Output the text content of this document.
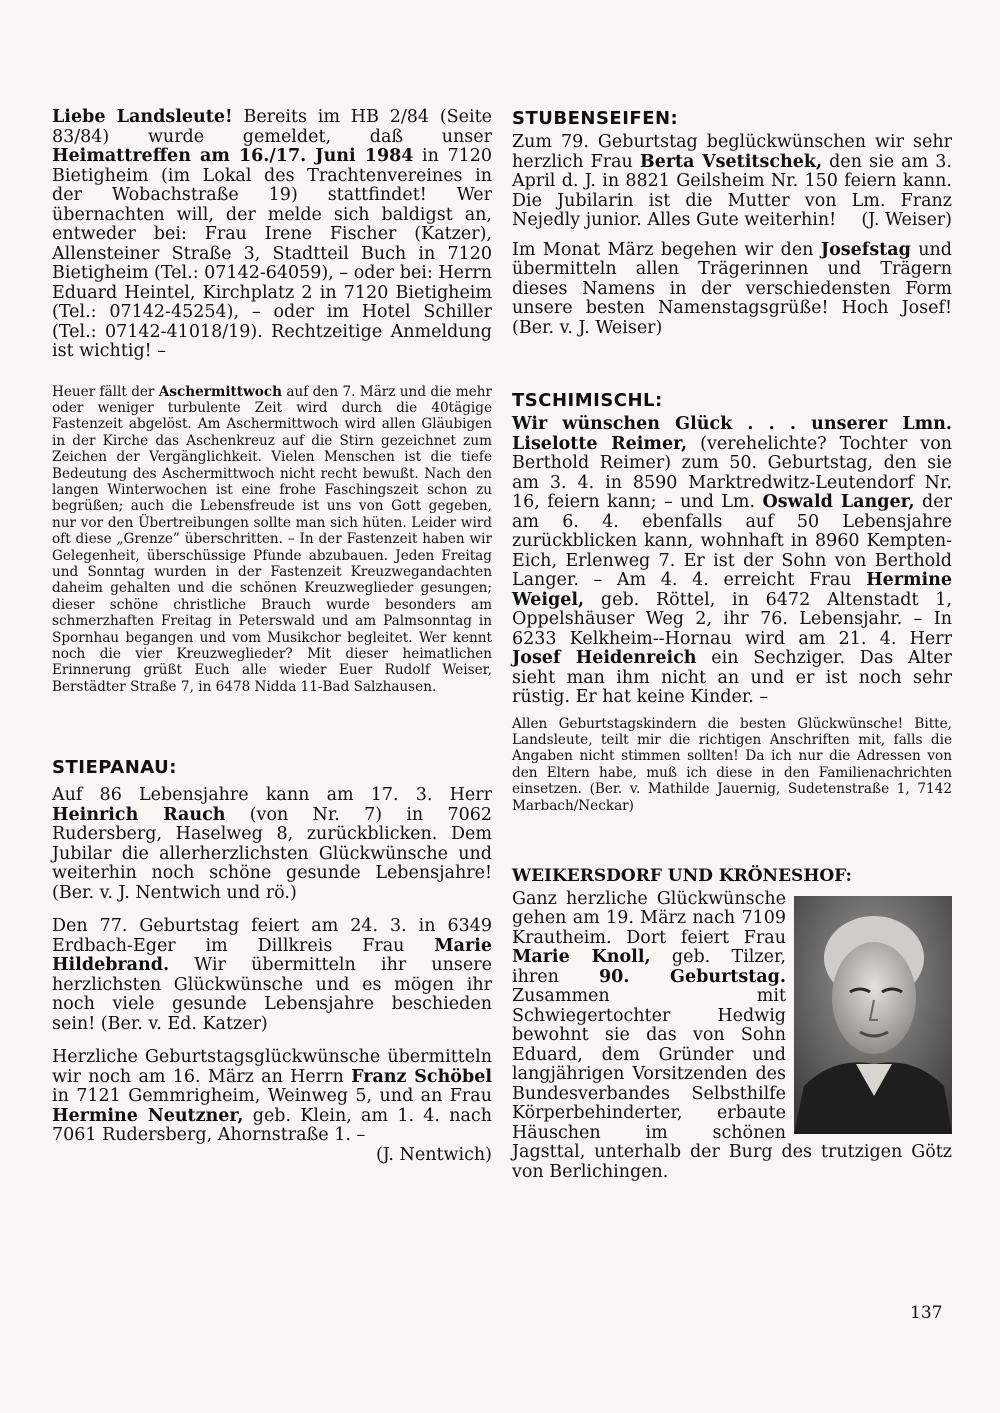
Liebe Landsleute! Bereits im HB 2/84 (Seite 83/84) wurde gemeldet, daß unser Heimattreffen am 16./17. Juni 1984 in 7120 Bietigheim (im Lokal des Trachtenvereines in der Wobachstraße 19) stattfindet! Wer übernachten will, der melde sich baldigst an, entweder bei: Frau Irene Fischer (Katzer), Allensteiner Straße 3, Stadtteil Buch in 7120 Bietigheim (Tel.: 07142-64059), – oder bei: Herrn Eduard Heintel, Kirchplatz 2 in 7120 Bietigheim (Tel.: 07142-45254), – oder im Hotel Schiller (Tel.: 07142-41018/19). Rechtzeitige Anmeldung ist wichtig! –

Heuer fällt der Aschermittwoch auf den 7. März und die mehr oder weniger turbulente Zeit wird durch die 40tägige Fastenzeit abgelöst. Am Aschermittwoch wird allen Gläubigen in der Kirche das Aschenkreuz auf die Stirn gezeichnet zum Zeichen der Vergänglichkeit. Vielen Menschen ist die tiefe Bedeutung des Aschermittwoch nicht recht bewußt. Nach den langen Winterwochen ist eine frohe Faschingszeit schon zu begrüßen; auch die Lebensfreude ist uns von Gott gegeben, nur vor den Übertreibungen sollte man sich hüten. Leider wird oft diese „Grenze” überschritten. – In der Fastenzeit haben wir Gelegenheit, überschüssige Pfunde abzubauen. Jeden Freitag und Sonntag wurden in der Fastenzeit Kreuzwegandachten daheim gehalten und die schönen Kreuzweglieder gesungen; dieser schöne christliche Brauch wurde besonders am schmerzhaften Freitag in Peterswald und am Palmsonntag in Spornhau begangen und vom Musikchor begleitet. Wer kennt noch die vier Kreuzweglieder? Mit dieser heimatlichen Erinnerung grüßt Euch alle wieder Euer Rudolf Weiser, Berstädter Straße 7, in 6478 Nidda 11-Bad Salzhausen.

STIEPANAU:

Auf 86 Lebensjahre kann am 17. 3. Herr Heinrich Rauch (von Nr. 7) in 7062 Rudersberg, Haselweg 8, zurückblicken. Dem Jubilar die allerherzlichsten Glückwünsche und weiterhin noch schöne gesunde Lebensjahre! (Ber. v. J. Nentwich und rö.)

Den 77. Geburtstag feiert am 24. 3. in 6349 Erdbach-Eger im Dillkreis Frau Marie Hildebrand. Wir übermitteln ihr unsere herzlichsten Glückwünsche und es mögen ihr noch viele gesunde Lebensjahre beschieden sein! (Ber. v. Ed. Katzer)

Herzliche Geburtstagsglückwünsche übermitteln wir noch am 16. März an Herrn Franz Schöbel in 7121 Gemmrigheim, Weinweg 5, und an Frau Hermine Neutzner, geb. Klein, am 1. 4. nach 7061 Rudersberg, Ahornstraße 1. –
(J. Nentwich)

STUBENSEIFEN:

Zum 79. Geburtstag beglückwünschen wir sehr herzlich Frau Berta Vsetitschek, den sie am 3. April d. J. in 8821 Geilsheim Nr. 150 feiern kann. Die Jubilarin ist die Mutter von Lm. Franz Nejedly junior. Alles Gute weiterhin!	(J. Weiser)

Im Monat März begehen wir den Josefstag und übermitteln allen Trägerinnen und Trägern dieses Namens in der verschiedensten Form unsere besten Namenstagsgrüße! Hoch Josef! (Ber. v. J. Weiser)

TSCHIMISCHL:

Wir wünschen Glück . . . unserer Lmn. Liselotte Reimer, (verehelichte? Tochter von Berthold Reimer) zum 50. Geburtstag, den sie am 3. 4. in 8590 Marktredwitz-Leutendorf Nr. 16, feiern kann; – und Lm. Oswald Langer, der am 6. 4. ebenfalls auf 50 Lebensjahre zurückblicken kann, wohnhaft in 8960 Kempten-Eich, Erlenweg 7. Er ist der Sohn von Berthold Langer. – Am 4. 4. erreicht Frau Hermine Weigel, geb. Röttel, in 6472 Altenstadt 1, Oppelshäuser Weg 2, ihr 76. Lebensjahr. – In 6233 Kelkheim--Hornau wird am 21. 4. Herr Josef Heidenreich ein Sechziger. Das Alter sieht man ihm nicht an und er ist noch sehr rüstig. Er hat keine Kinder. –

Allen Geburtstagskindern die besten Glückwünsche! Bitte, Landsleute, teilt mir die richtigen Anschriften mit, falls die Angaben nicht stimmen sollten! Da ich nur die Adressen von den Eltern habe, muß ich diese in den Familienachrichten einsetzen. (Ber. v. Mathilde Jauernig, Sudetenstraße 1, 7142 Marbach/Neckar)

WEIKERSDORF UND KRÖNESHOF:

Ganz herzliche Glückwünsche gehen am 19. März nach 7109 Krautheim. Dort feiert Frau Marie Knoll, geb. Tilzer, ihren 90. Geburtstag. Zusammen mit Schwiegertochter Hedwig bewohnt sie das von Sohn Eduard, dem Gründer und langjährigen Vorsitzenden des Bundesverbandes Selbsthilfe Körperbehinderter, erbaute Häuschen im schönen Jagsttal, unterhalb der Burg des trutzigen Götz von Berlichingen.

137
